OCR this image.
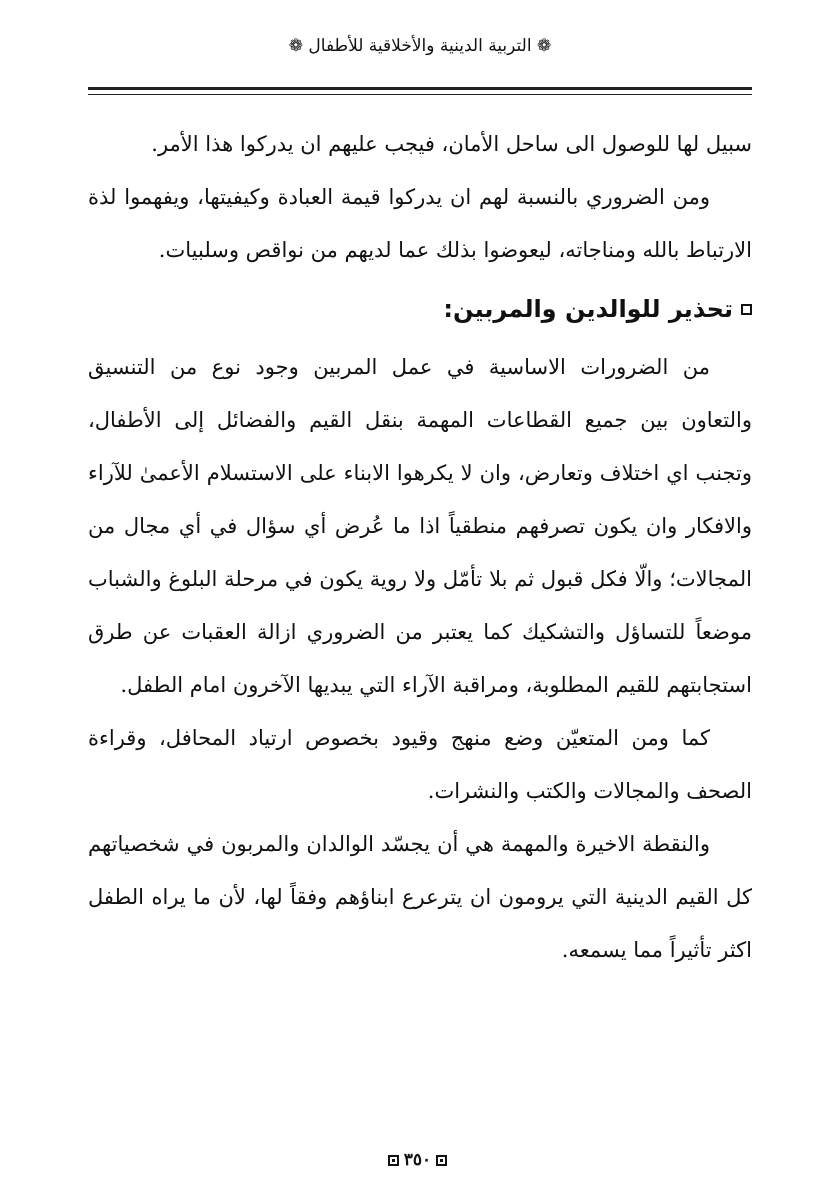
❁ التربية الدينية والأخلاقية للأطفال ❁

سبيل لها للوصول الى ساحل الأمان، فيجب عليهم ان يدركوا هذا الأمر.

ومن الضروري بالنسبة لهم ان يدركوا قيمة العبادة وكيفيتها، ويفهموا لذة الارتباط بالله ومناجاته، ليعوضوا بذلك عما لديهم من نواقص وسلبيات.

تحذير للوالدين والمربين:

من الضرورات الاساسية في عمل المربين وجود نوع من التنسيق والتعاون بين جميع القطاعات المهمة بنقل القيم والفضائل إلى الأطفال، وتجنب اي اختلاف وتعارض، وان لا يكرهوا الابناء على الاستسلام الأعمىٰ للآراء والافكار وان يكون تصرفهم منطقياً اذا ما عُرض أي سؤال في أي مجال من المجالات؛ والّا فكل قبول ثم بلا تأمّل ولا روية يكون في مرحلة البلوغ والشباب موضعاً للتساؤل والتشكيك كما يعتبر من الضروري ازالة العقبات عن طرق استجابتهم للقيم المطلوبة، ومراقبة الآراء التي يبديها الآخرون امام الطفل.

كما ومن المتعيّن وضع منهج وقيود بخصوص ارتياد المحافل، وقراءة الصحف والمجالات والكتب والنشرات.

والنقطة الاخيرة والمهمة هي أن يجسّد الوالدان والمربون في شخصياتهم كل القيم الدينية التي يرومون ان يترعرع ابناؤهم وفقاً لها، لأن ما يراه الطفل اكثر تأثيراً مما يسمعه.

٣٥٠
